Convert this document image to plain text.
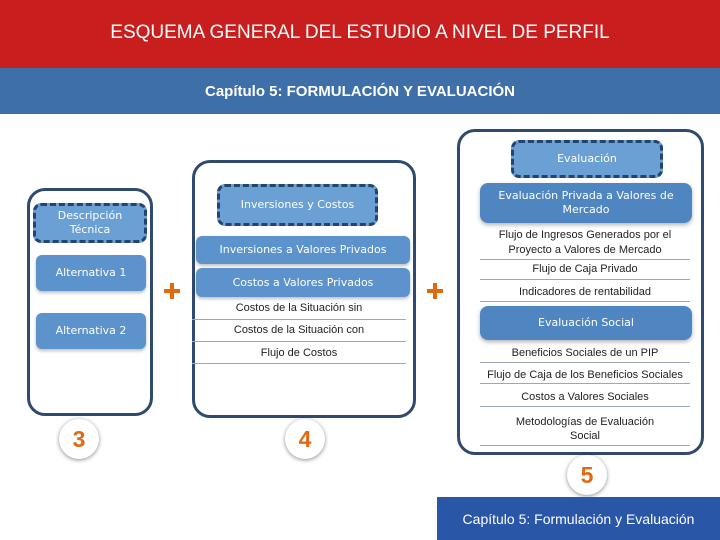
ESQUEMA GENERAL DEL ESTUDIO A NIVEL DE PERFIL
Capítulo 5: FORMULACIÓN Y EVALUACIÓN
Descripción Técnica
Alternativa 1
Alternativa 2
Inversiones y Costos
Inversiones a Valores Privados
Costos a Valores Privados
Costos de la Situación sin
Costos de la Situación con
Flujo de Costos
Evaluación
Evaluación Privada a Valores de Mercado
Flujo de Ingresos Generados por el Proyecto a Valores de Mercado
Flujo de Caja Privado
Indicadores de rentabilidad
Evaluación Social
Beneficios Sociales de un PIP
Flujo de Caja de los Beneficios Sociales
Costos a Valores Sociales
Metodologías de Evaluación Social
3	4
5
Capítulo 5: Formulación y Evaluación
